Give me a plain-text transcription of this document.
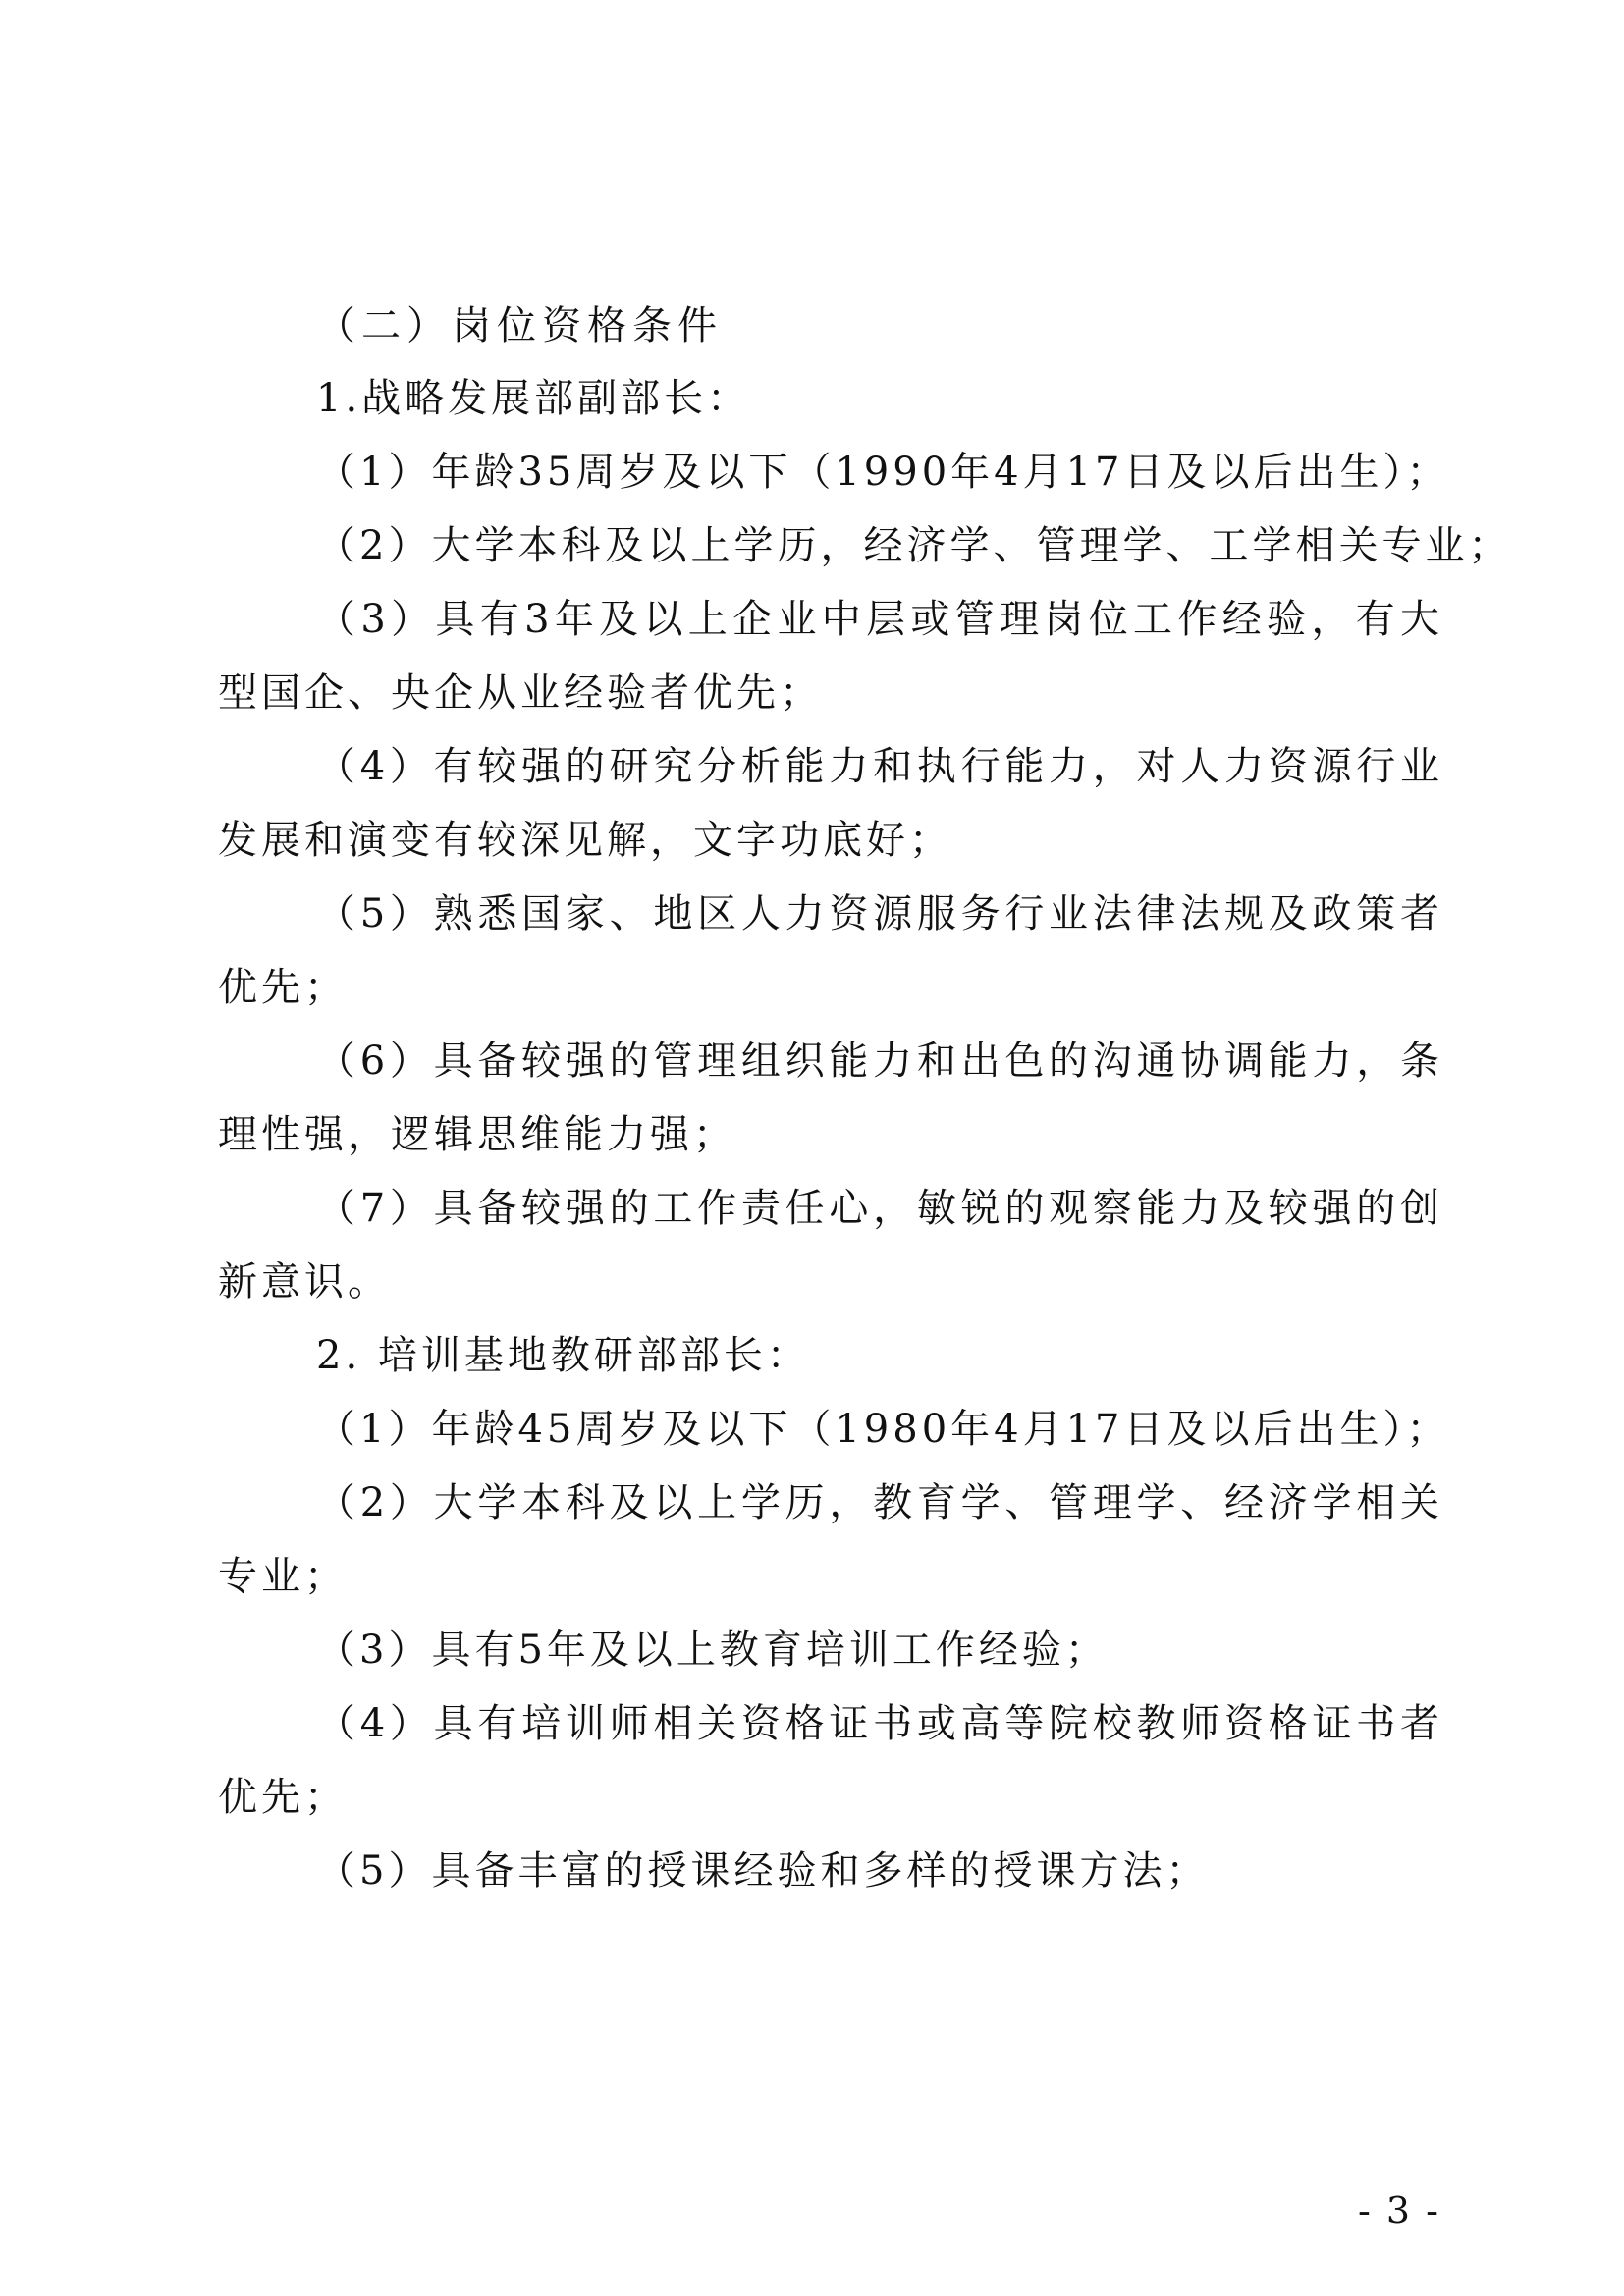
（二）岗位资格条件
1.战略发展部副部长：
（1）年龄35周岁及以下（1990年4月17日及以后出生）；
（2）大学本科及以上学历，经济学、管理学、工学相关专业；
（3）具有3年及以上企业中层或管理岗位工作经验，有大型国企、央企从业经验者优先；
（4）有较强的研究分析能力和执行能力，对人力资源行业发展和演变有较深见解，文字功底好；
（5）熟悉国家、地区人力资源服务行业法律法规及政策者优先；
（6）具备较强的管理组织能力和出色的沟通协调能力，条理性强，逻辑思维能力强；
（7）具备较强的工作责任心，敏锐的观察能力及较强的创新意识。
2. 培训基地教研部部长：
（1）年龄45周岁及以下（1980年4月17日及以后出生）；
（2）大学本科及以上学历，教育学、管理学、经济学相关专业；
（3）具有5年及以上教育培训工作经验；
（4）具有培训师相关资格证书或高等院校教师资格证书者优先；
（5）具备丰富的授课经验和多样的授课方法；
- 3 -
